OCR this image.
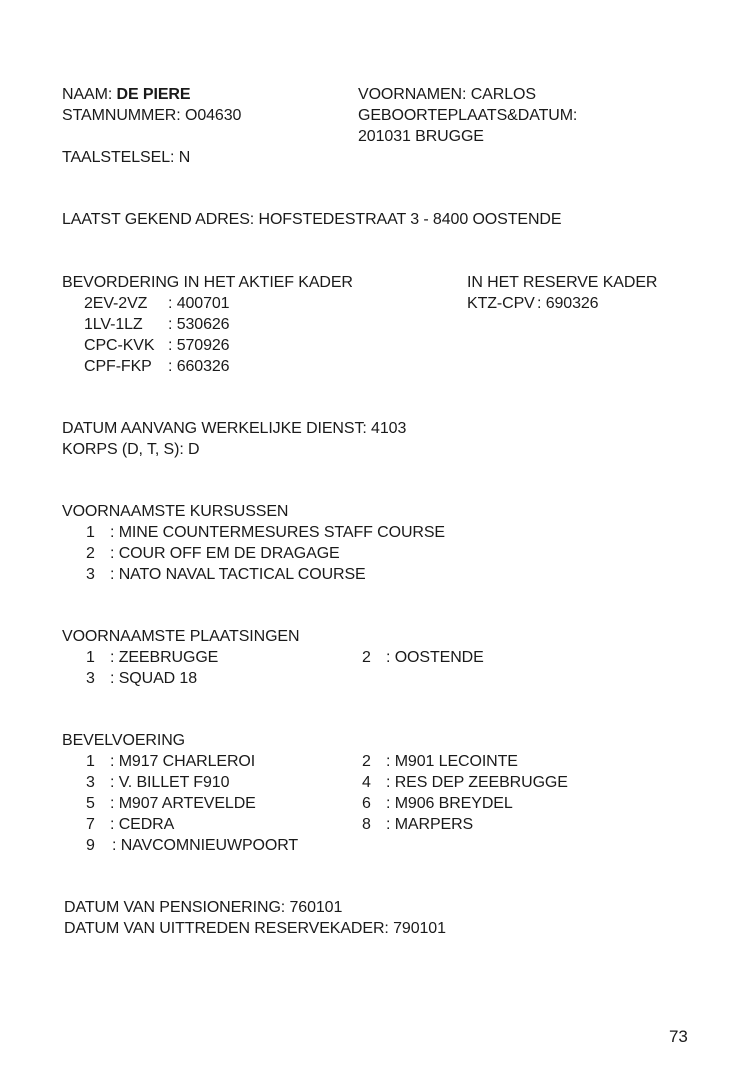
NAAM: DE PIERE
STAMNUMMER: O04630
TAALSTELSEL: N
VOORNAMEN: CARLOS
GEBOORTEPLAATS&DATUM:
201031 BRUGGE
LAATST GEKEND ADRES: HOFSTEDESTRAAT 3 - 8400 OOSTENDE
BEVORDERING IN HET AKTIEF KADER
2EV-2VZ : 400701
1LV-1LZ : 530626
CPC-KVK : 570926
CPF-FKP : 660326
IN HET RESERVE KADER
KTZ-CPV : 690326
DATUM AANVANG WERKELIJKE DIENST: 4103
KORPS (D, T, S): D
VOORNAAMSTE KURSUSSEN
1 : MINE COUNTERMESURES STAFF COURSE
2 : COUR OFF EM DE DRAGAGE
3 : NATO NAVAL TACTICAL COURSE
VOORNAAMSTE PLAATSINGEN
1 : ZEEBRUGGE	2 : OOSTENDE
3 : SQUAD 18
BEVELVOERING
1 : M917 CHARLEROI	2 : M901 LECOINTE
3 : V. BILLET F910	4 : RES DEP ZEEBRUGGE
5 : M907 ARTEVELDE	6 : M906 BREYDEL
7 : CEDRA	8 : MARPERS
9 : NAVCOMNIEUWPOORT
DATUM VAN PENSIONERING: 760101
DATUM VAN UITTREDEN RESERVEKADER: 790101
73
